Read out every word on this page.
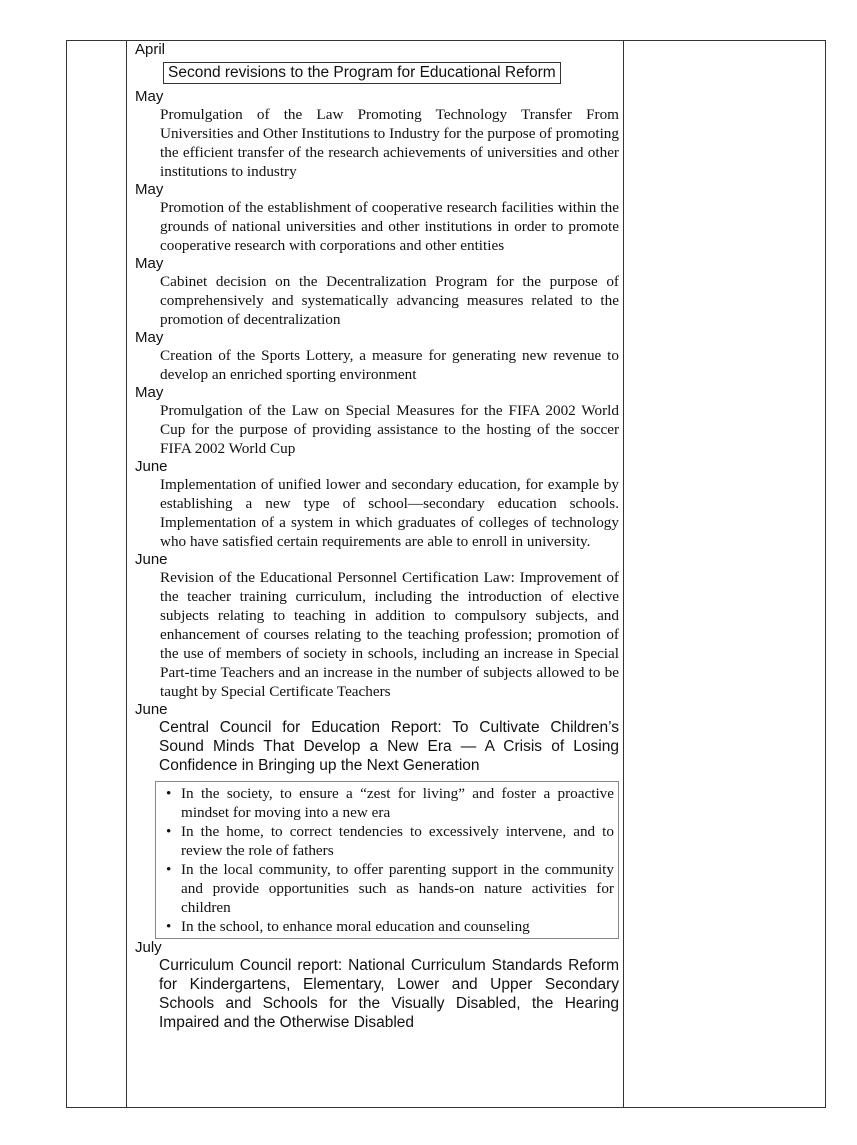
April

Second revisions to the Program for Educational Reform

May

Promulgation of the Law Promoting Technology Transfer From Universities and Other Institutions to Industry for the purpose of promoting the efficient transfer of the research achievements of universities and other institutions to industry

May

Promotion of the establishment of cooperative research facilities within the grounds of national universities and other institutions in order to promote cooperative research with corporations and other entities

May

Cabinet decision on the Decentralization Program for the purpose of comprehensively and systematically advancing measures related to the promotion of decentralization

May

Creation of the Sports Lottery, a measure for generating new revenue to develop an enriched sporting environment

May

Promulgation of the Law on Special Measures for the FIFA 2002 World Cup for the purpose of providing assistance to the hosting of the soccer FIFA 2002 World Cup

June

Implementation of unified lower and secondary education, for example by establishing a new type of school—secondary education schools. Implementation of a system in which graduates of colleges of technology who have satisfied certain requirements are able to enroll in university.

June

Revision of the Educational Personnel Certification Law: Improvement of the teacher training curriculum, including the introduction of elective subjects relating to teaching in addition to compulsory subjects, and enhancement of courses relating to the teaching profession; promotion of the use of members of society in schools, including an increase in Special Part-time Teachers and an increase in the number of subjects allowed to be taught by Special Certificate Teachers

June

Central Council for Education Report: To Cultivate Children’s Sound Minds That Develop a New Era — A Crisis of Losing Confidence in Bringing up the Next Generation

• In the society, to ensure a “zest for living” and foster a proactive mindset for moving into a new era
• In the home, to correct tendencies to excessively intervene, and to review the role of fathers
• In the local community, to offer parenting support in the community and provide opportunities such as hands-on nature activities for children
• In the school, to enhance moral education and counseling

July

Curriculum Council report: National Curriculum Standards Reform for Kindergartens, Elementary, Lower and Upper Secondary Schools and Schools for the Visually Disabled, the Hearing Impaired and the Otherwise Disabled
